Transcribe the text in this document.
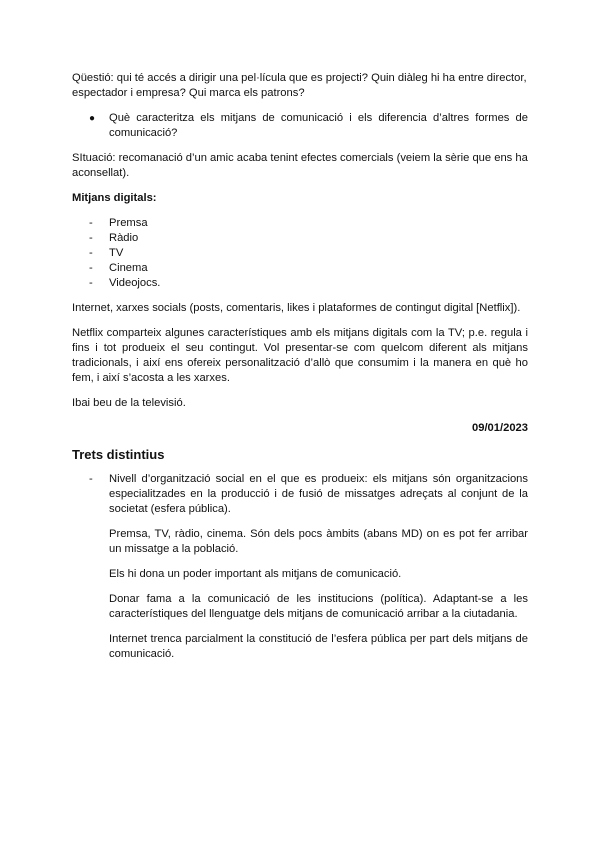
Qüestió: qui té accés a dirigir una pel·lícula que es projecti? Quin diàleg hi ha entre director, espectador i empresa? Qui marca els patrons?

●	Què caracteritza els mitjans de comunicació i els diferencia d’altres formes de comunicació?

SItuació: recomanació d’un amic acaba tenint efectes comercials (veiem la sèrie que ens ha aconsellat).

Mitjans digitals:

-	Premsa
-	Ràdio
-	TV
-	Cinema
-	Videojocs.

Internet, xarxes socials (posts, comentaris, likes i plataformes de contingut digital [Netflix]).

Netflix comparteix algunes característiques amb els mitjans digitals com la TV; p.e. regula i fins i tot produeix el seu contingut. Vol presentar-se com quelcom diferent als mitjans tradicionals, i així ens ofereix personalització d’allò que consumim i la manera en què ho fem, i així s’acosta a les xarxes.

Ibai beu de la televisió.

09/01/2023

Trets distintius

-	Nivell d’organització social en el que es produeix: els mitjans són organitzacions especialitzades en la producció i de fusió de missatges adreçats al conjunt de la societat (esfera pública).

Premsa, TV, ràdio, cinema. Són dels pocs àmbits (abans MD) on es pot fer arribar un missatge a la població.

Els hi dona un poder important als mitjans de comunicació.

Donar fama a la comunicació de les institucions (política). Adaptant-se a les característiques del llenguatge dels mitjans de comunicació arribar a la ciutadania.

Internet trenca parcialment la constitució de l’esfera pública per part dels mitjans de comunicació.
